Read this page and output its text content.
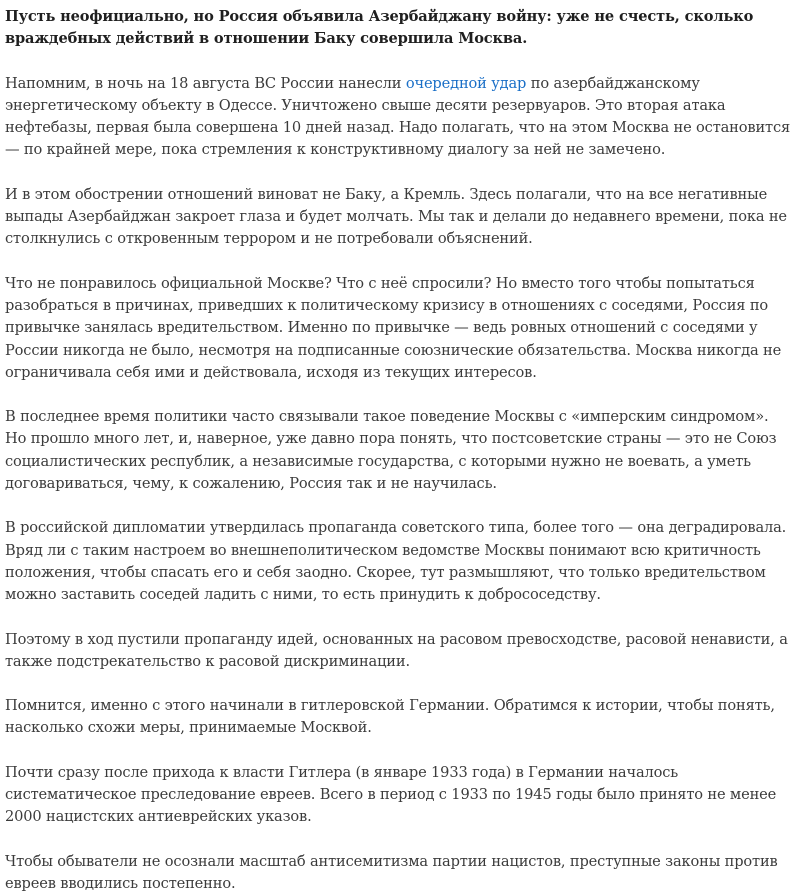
Пусть неофициально, но Россия объявила Азербайджану войну: уже не счесть, сколько враждебных действий в отношении Баку совершила Москва.

Напомним, в ночь на 18 августа ВС России нанесли очередной удар по азербайджанскому энергетическому объекту в Одессе. Уничтожено свыше десяти резервуаров. Это вторая атака нефтебазы, первая была совершена 10 дней назад. Надо полагать, что на этом Москва не остановится — по крайней мере, пока стремления к конструктивному диалогу за ней не замечено.

И в этом обострении отношений виноват не Баку, а Кремль. Здесь полагали, что на все негативные выпады Азербайджан закроет глаза и будет молчать. Мы так и делали до недавнего времени, пока не столкнулись с откровенным террором и не потребовали объяснений.

Что не понравилось официальной Москве? Что с неё спросили? Но вместо того чтобы попытаться разобраться в причинах, приведших к политическому кризису в отношениях с соседями, Россия по привычке занялась вредительством. Именно по привычке — ведь ровных отношений с соседями у России никогда не было, несмотря на подписанные союзнические обязательства. Москва никогда не ограничивала себя ими и действовала, исходя из текущих интересов.

В последнее время политики часто связывали такое поведение Москвы с «имперским синдромом». Но прошло много лет, и, наверное, уже давно пора понять, что постсоветские страны — это не Союз социалистических республик, а независимые государства, с которыми нужно не воевать, а уметь договариваться, чему, к сожалению, Россия так и не научилась.

В российской дипломатии утвердилась пропаганда советского типа, более того — она деградировала. Вряд ли с таким настроем во внешнеполитическом ведомстве Москвы понимают всю критичность положения, чтобы спасать его и себя заодно. Скорее, тут размышляют, что только вредительством можно заставить соседей ладить с ними, то есть принудить к добрососедству.

Поэтому в ход пустили пропаганду идей, основанных на расовом превосходстве, расовой ненависти, а также подстрекательство к расовой дискриминации.

Помнится, именно с этого начинали в гитлеровской Германии. Обратимся к истории, чтобы понять, насколько схожи меры, принимаемые Москвой.

Почти сразу после прихода к власти Гитлера (в январе 1933 года) в Германии началось систематическое преследование евреев. Всего в период с 1933 по 1945 годы было принято не менее 2000 нацистских антиеврейских указов.

Чтобы обыватели не осознали масштаб антисемитизма партии нацистов, преступные законы против евреев вводились постепенно.
